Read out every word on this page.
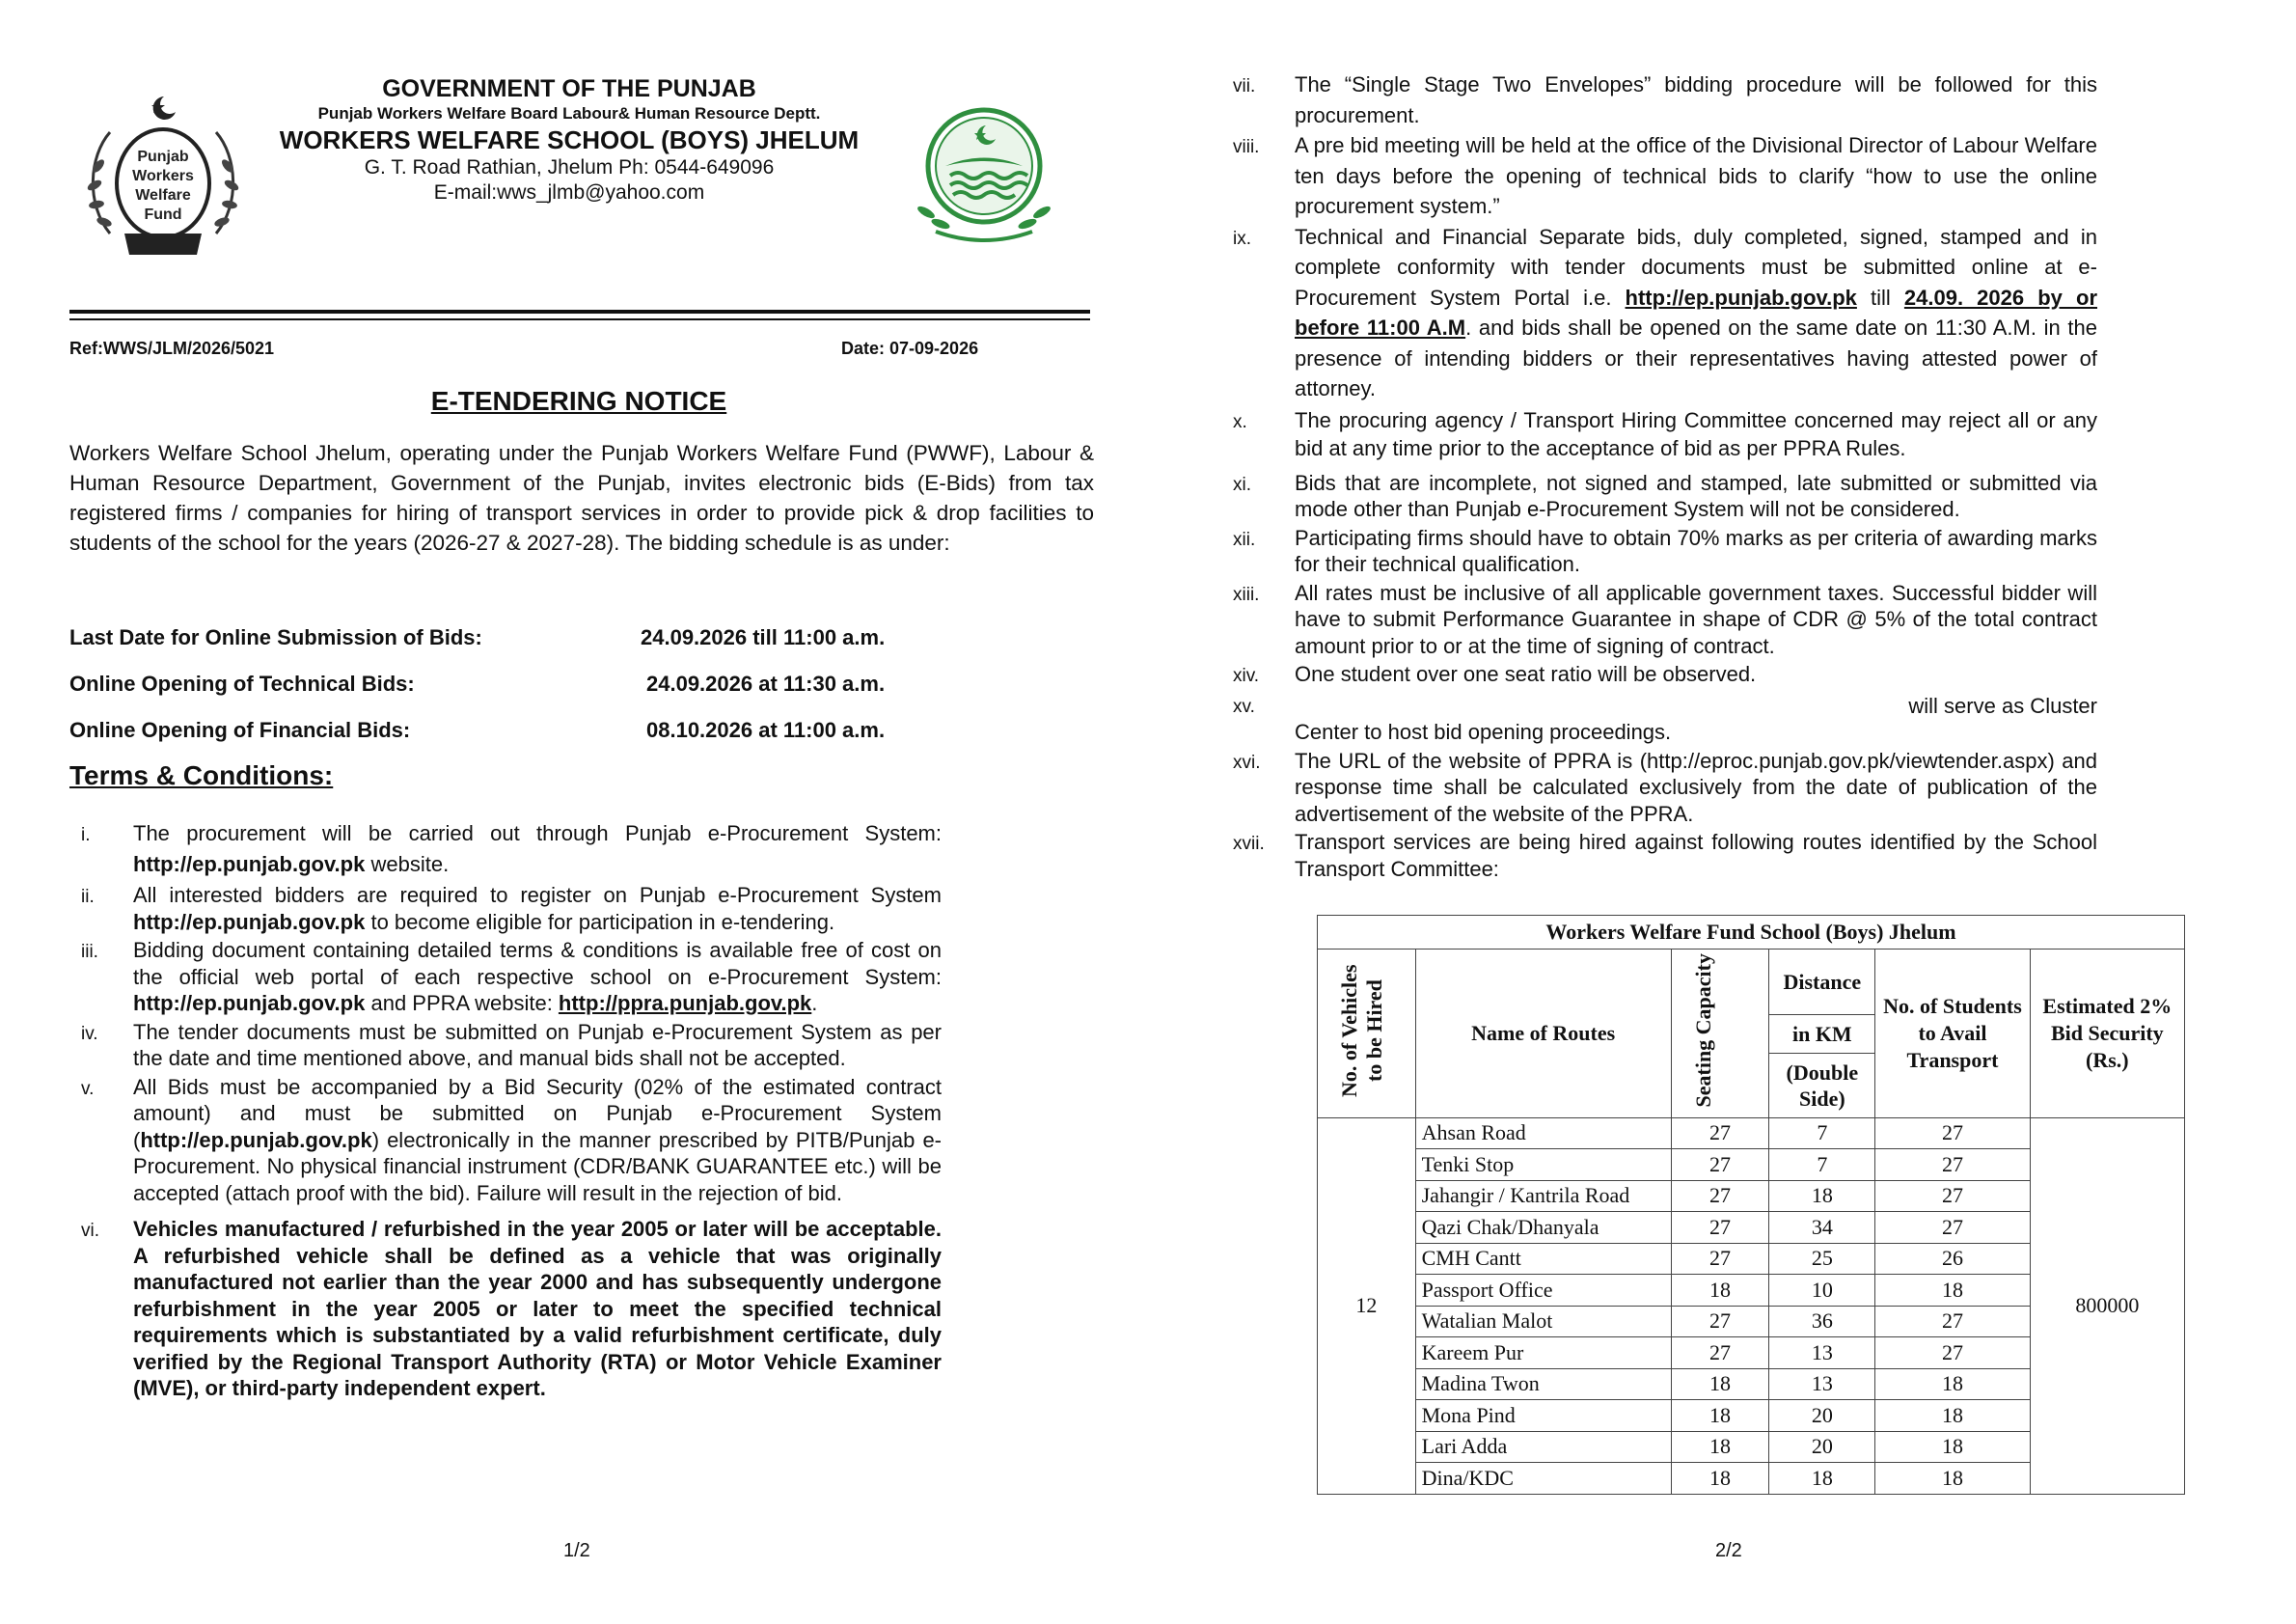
Punjab
Workers
Welfare
Fund
GOVERNMENT OF THE PUNJAB
Punjab Workers Welfare Board Labour& Human Resource Deptt.
WORKERS WELFARE SCHOOL (BOYS) JHELUM
G. T. Road Rathian, Jhelum Ph: 0544-649096
E-mail:wws_jlmb@yahoo.com
Ref:WWS/JLM/2026/5021	Date: 07-09-2026
E-TENDERING NOTICE
Workers Welfare School Jhelum, operating under the Punjab Workers Welfare Fund (PWWF), Labour & Human Resource Department, Government of the Punjab, invites electronic bids (E-Bids) from tax registered firms / companies for hiring of transport services in order to provide pick & drop facilities to students of the school for the years (2026-27 & 2027-28). The bidding schedule is as under:
Last Date for Online Submission of Bids:	24.09.2026 till 11:00 a.m.
Online Opening of Technical Bids:	24.09.2026 at 11:30 a.m.
Online Opening of Financial Bids:	08.10.2026 at 11:00 a.m.
Terms & Conditions:
i. The procurement will be carried out through Punjab e-Procurement System: http://ep.punjab.gov.pk website.
ii. All interested bidders are required to register on Punjab e-Procurement System http://ep.punjab.gov.pk to become eligible for participation in e-tendering.
iii. Bidding document containing detailed terms & conditions is available free of cost on the official web portal of each respective school on e-Procurement System: http://ep.punjab.gov.pk and PPRA website: http://ppra.punjab.gov.pk.
iv. The tender documents must be submitted on Punjab e-Procurement System as per the date and time mentioned above, and manual bids shall not be accepted.
v. All Bids must be accompanied by a Bid Security (02% of the estimated contract amount) and must be submitted on Punjab e-Procurement System (http://ep.punjab.gov.pk) electronically in the manner prescribed by PITB/Punjab e-Procurement. No physical financial instrument (CDR/BANK GUARANTEE etc.) will be accepted (attach proof with the bid). Failure will result in the rejection of bid.
vi. Vehicles manufactured / refurbished in the year 2005 or later will be acceptable. A refurbished vehicle shall be defined as a vehicle that was originally manufactured not earlier than the year 2000 and has subsequently undergone refurbishment in the year 2005 or later to meet the specified technical requirements which is substantiated by a valid refurbishment certificate, duly verified by the Regional Transport Authority (RTA) or Motor Vehicle Examiner (MVE), or third-party independent expert.
1/2
vii. The “Single Stage Two Envelopes” bidding procedure will be followed for this procurement.
viii. A pre bid meeting will be held at the office of the Divisional Director of Labour Welfare ten days before the opening of technical bids to clarify “how to use the online procurement system.”
ix. Technical and Financial Separate bids, duly completed, signed, stamped and in complete conformity with tender documents must be submitted online at e-Procurement System Portal i.e. http://ep.punjab.gov.pk till 24.09. 2026 by or before 11:00 A.M. and bids shall be opened on the same date on 11:30 A.M. in the presence of intending bidders or their representatives having attested power of attorney.
x. The procuring agency / Transport Hiring Committee concerned may reject all or any bid at any time prior to the acceptance of bid as per PPRA Rules.
xi. Bids that are incomplete, not signed and stamped, late submitted or submitted via mode other than Punjab e-Procurement System will not be considered.
xii. Participating firms should have to obtain 70% marks as per criteria of awarding marks for their technical qualification.
xiii. All rates must be inclusive of all applicable government taxes. Successful bidder will have to submit Performance Guarantee in shape of CDR @ 5% of the total contract amount prior to or at the time of signing of contract.
xiv. One student over one seat ratio will be observed.
xv.	will serve as Cluster
Center to host bid opening proceedings.
xvi. The URL of the website of PPRA is (http://eproc.punjab.gov.pk/viewtender.aspx) and response time shall be calculated exclusively from the date of publication of the advertisement of the website of the PPRA.
xvii. Transport services are being hired against following routes identified by the School Transport Committee:
2/2
Workers Welfare Fund School (Boys) Jhelum					
No. of Vehicles to be Hired	Name of Routes	Seating Capacity	Distance	No. of Students to Avail Transport	Estimated 2% Bid Security (Rs.)
			in KM		
			(Double Side)		
12	Ahsan Road	27	7	27	800000
	Tenki Stop	27	7	27	
	Jahangir / Kantrila Road	27	18	27	
	Qazi Chak/Dhanyala	27	34	27	
	CMH Cantt	27	25	26	
	Passport Office	18	10	18	
	Watalian Malot	27	36	27	
	Kareem Pur	27	13	27	
	Madina Twon	18	13	18	
	Mona Pind	18	20	18	
	Lari Adda	18	20	18	
	Dina/KDC	18	18	18	
